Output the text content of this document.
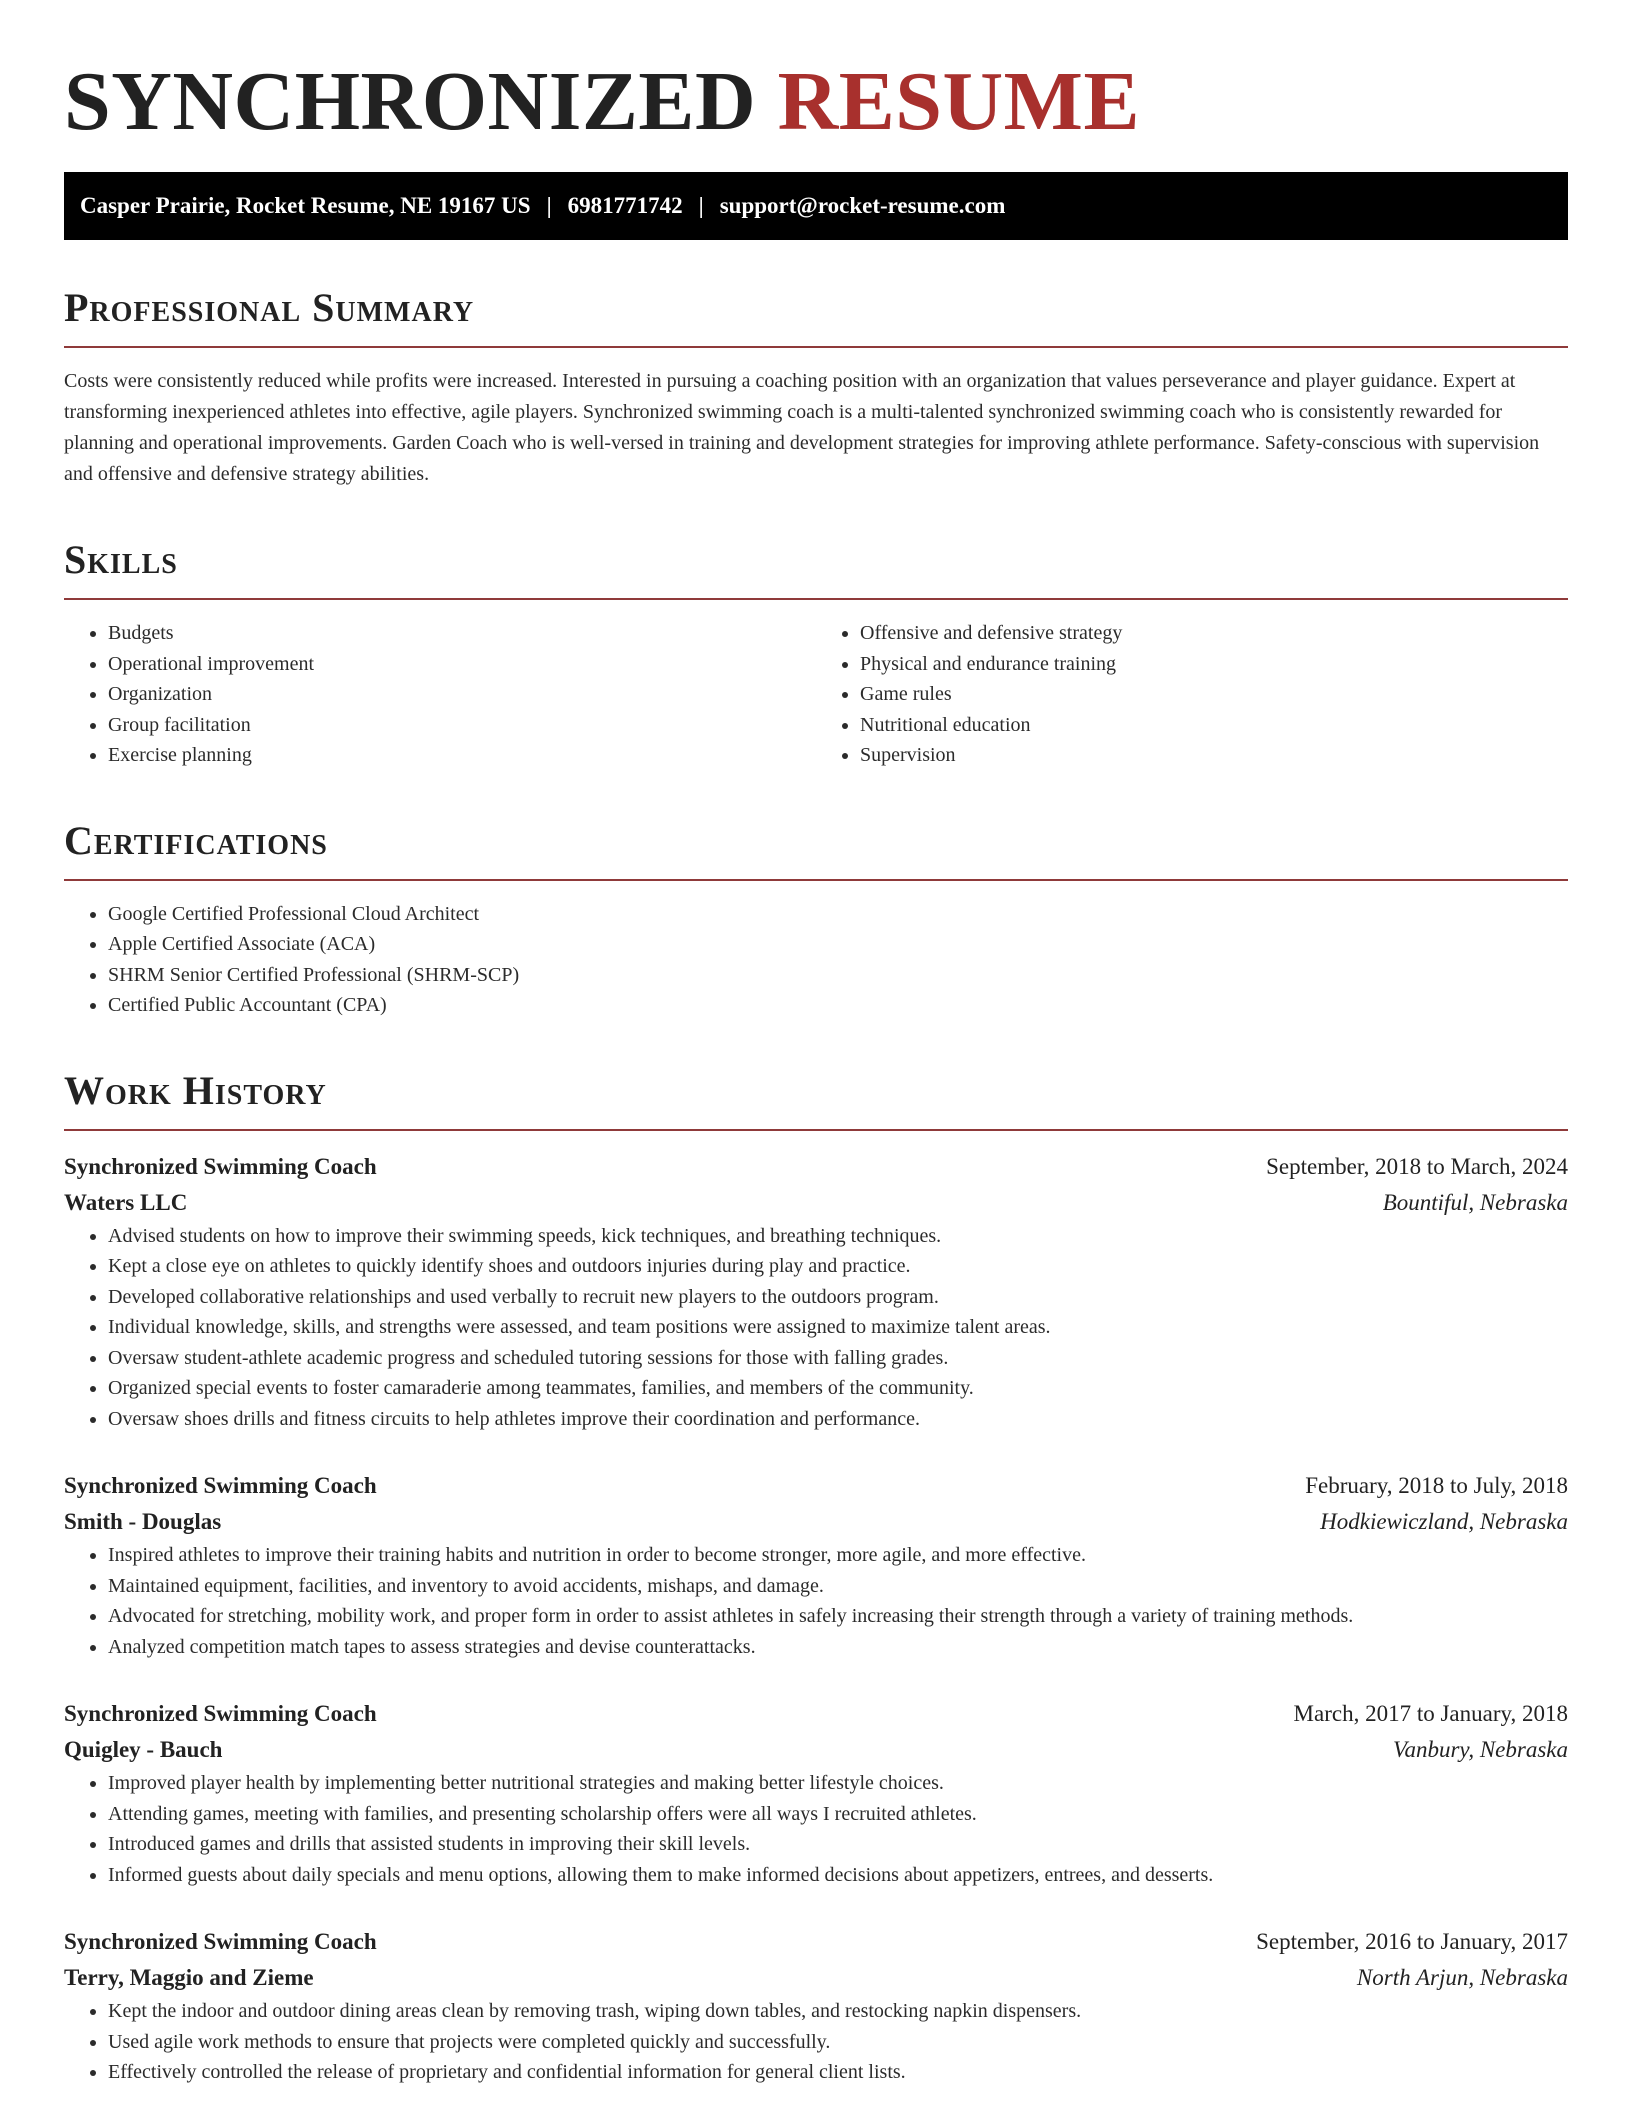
SYNCHRONIZED RESUME
Casper Prairie, Rocket Resume, NE 19167 US | 6981771742 | support@rocket-resume.com
Professional Summary

Costs were consistently reduced while profits were increased. Interested in pursuing a coaching position with an organization that values perseverance and player guidance. Expert at transforming inexperienced athletes into effective, agile players. Synchronized swimming coach is a multi-talented synchronized swimming coach who is consistently rewarded for planning and operational improvements. Garden Coach who is well-versed in training and development strategies for improving athlete performance. Safety-conscious with supervision and offensive and defensive strategy abilities.

Skills
• Budgets
• Operational improvement
• Organization
• Group facilitation
• Exercise planning
• Offensive and defensive strategy
• Physical and endurance training
• Game rules
• Nutritional education
• Supervision
Certifications
• Google Certified Professional Cloud Architect
• Apple Certified Associate (ACA)
• SHRM Senior Certified Professional (SHRM-SCP)
• Certified Public Accountant (CPA)
Work History
Synchronized Swimming Coach	September, 2018 to March, 2024
Waters LLC	Bountiful, Nebraska
• Advised students on how to improve their swimming speeds, kick techniques, and breathing techniques.
• Kept a close eye on athletes to quickly identify shoes and outdoors injuries during play and practice.
• Developed collaborative relationships and used verbally to recruit new players to the outdoors program.
• Individual knowledge, skills, and strengths were assessed, and team positions were assigned to maximize talent areas.
• Oversaw student-athlete academic progress and scheduled tutoring sessions for those with falling grades.
• Organized special events to foster camaraderie among teammates, families, and members of the community.
• Oversaw shoes drills and fitness circuits to help athletes improve their coordination and performance.
Synchronized Swimming Coach	February, 2018 to July, 2018
Smith - Douglas	Hodkiewiczland, Nebraska
• Inspired athletes to improve their training habits and nutrition in order to become stronger, more agile, and more effective.
• Maintained equipment, facilities, and inventory to avoid accidents, mishaps, and damage.
• Advocated for stretching, mobility work, and proper form in order to assist athletes in safely increasing their strength through a variety of training methods.
• Analyzed competition match tapes to assess strategies and devise counterattacks.
Synchronized Swimming Coach	March, 2017 to January, 2018
Quigley - Bauch	Vanbury, Nebraska
• Improved player health by implementing better nutritional strategies and making better lifestyle choices.
• Attending games, meeting with families, and presenting scholarship offers were all ways I recruited athletes.
• Introduced games and drills that assisted students in improving their skill levels.
• Informed guests about daily specials and menu options, allowing them to make informed decisions about appetizers, entrees, and desserts.
Synchronized Swimming Coach	September, 2016 to January, 2017
Terry, Maggio and Zieme	North Arjun, Nebraska
• Kept the indoor and outdoor dining areas clean by removing trash, wiping down tables, and restocking napkin dispensers.
• Used agile work methods to ensure that projects were completed quickly and successfully.
• Effectively controlled the release of proprietary and confidential information for general client lists.
